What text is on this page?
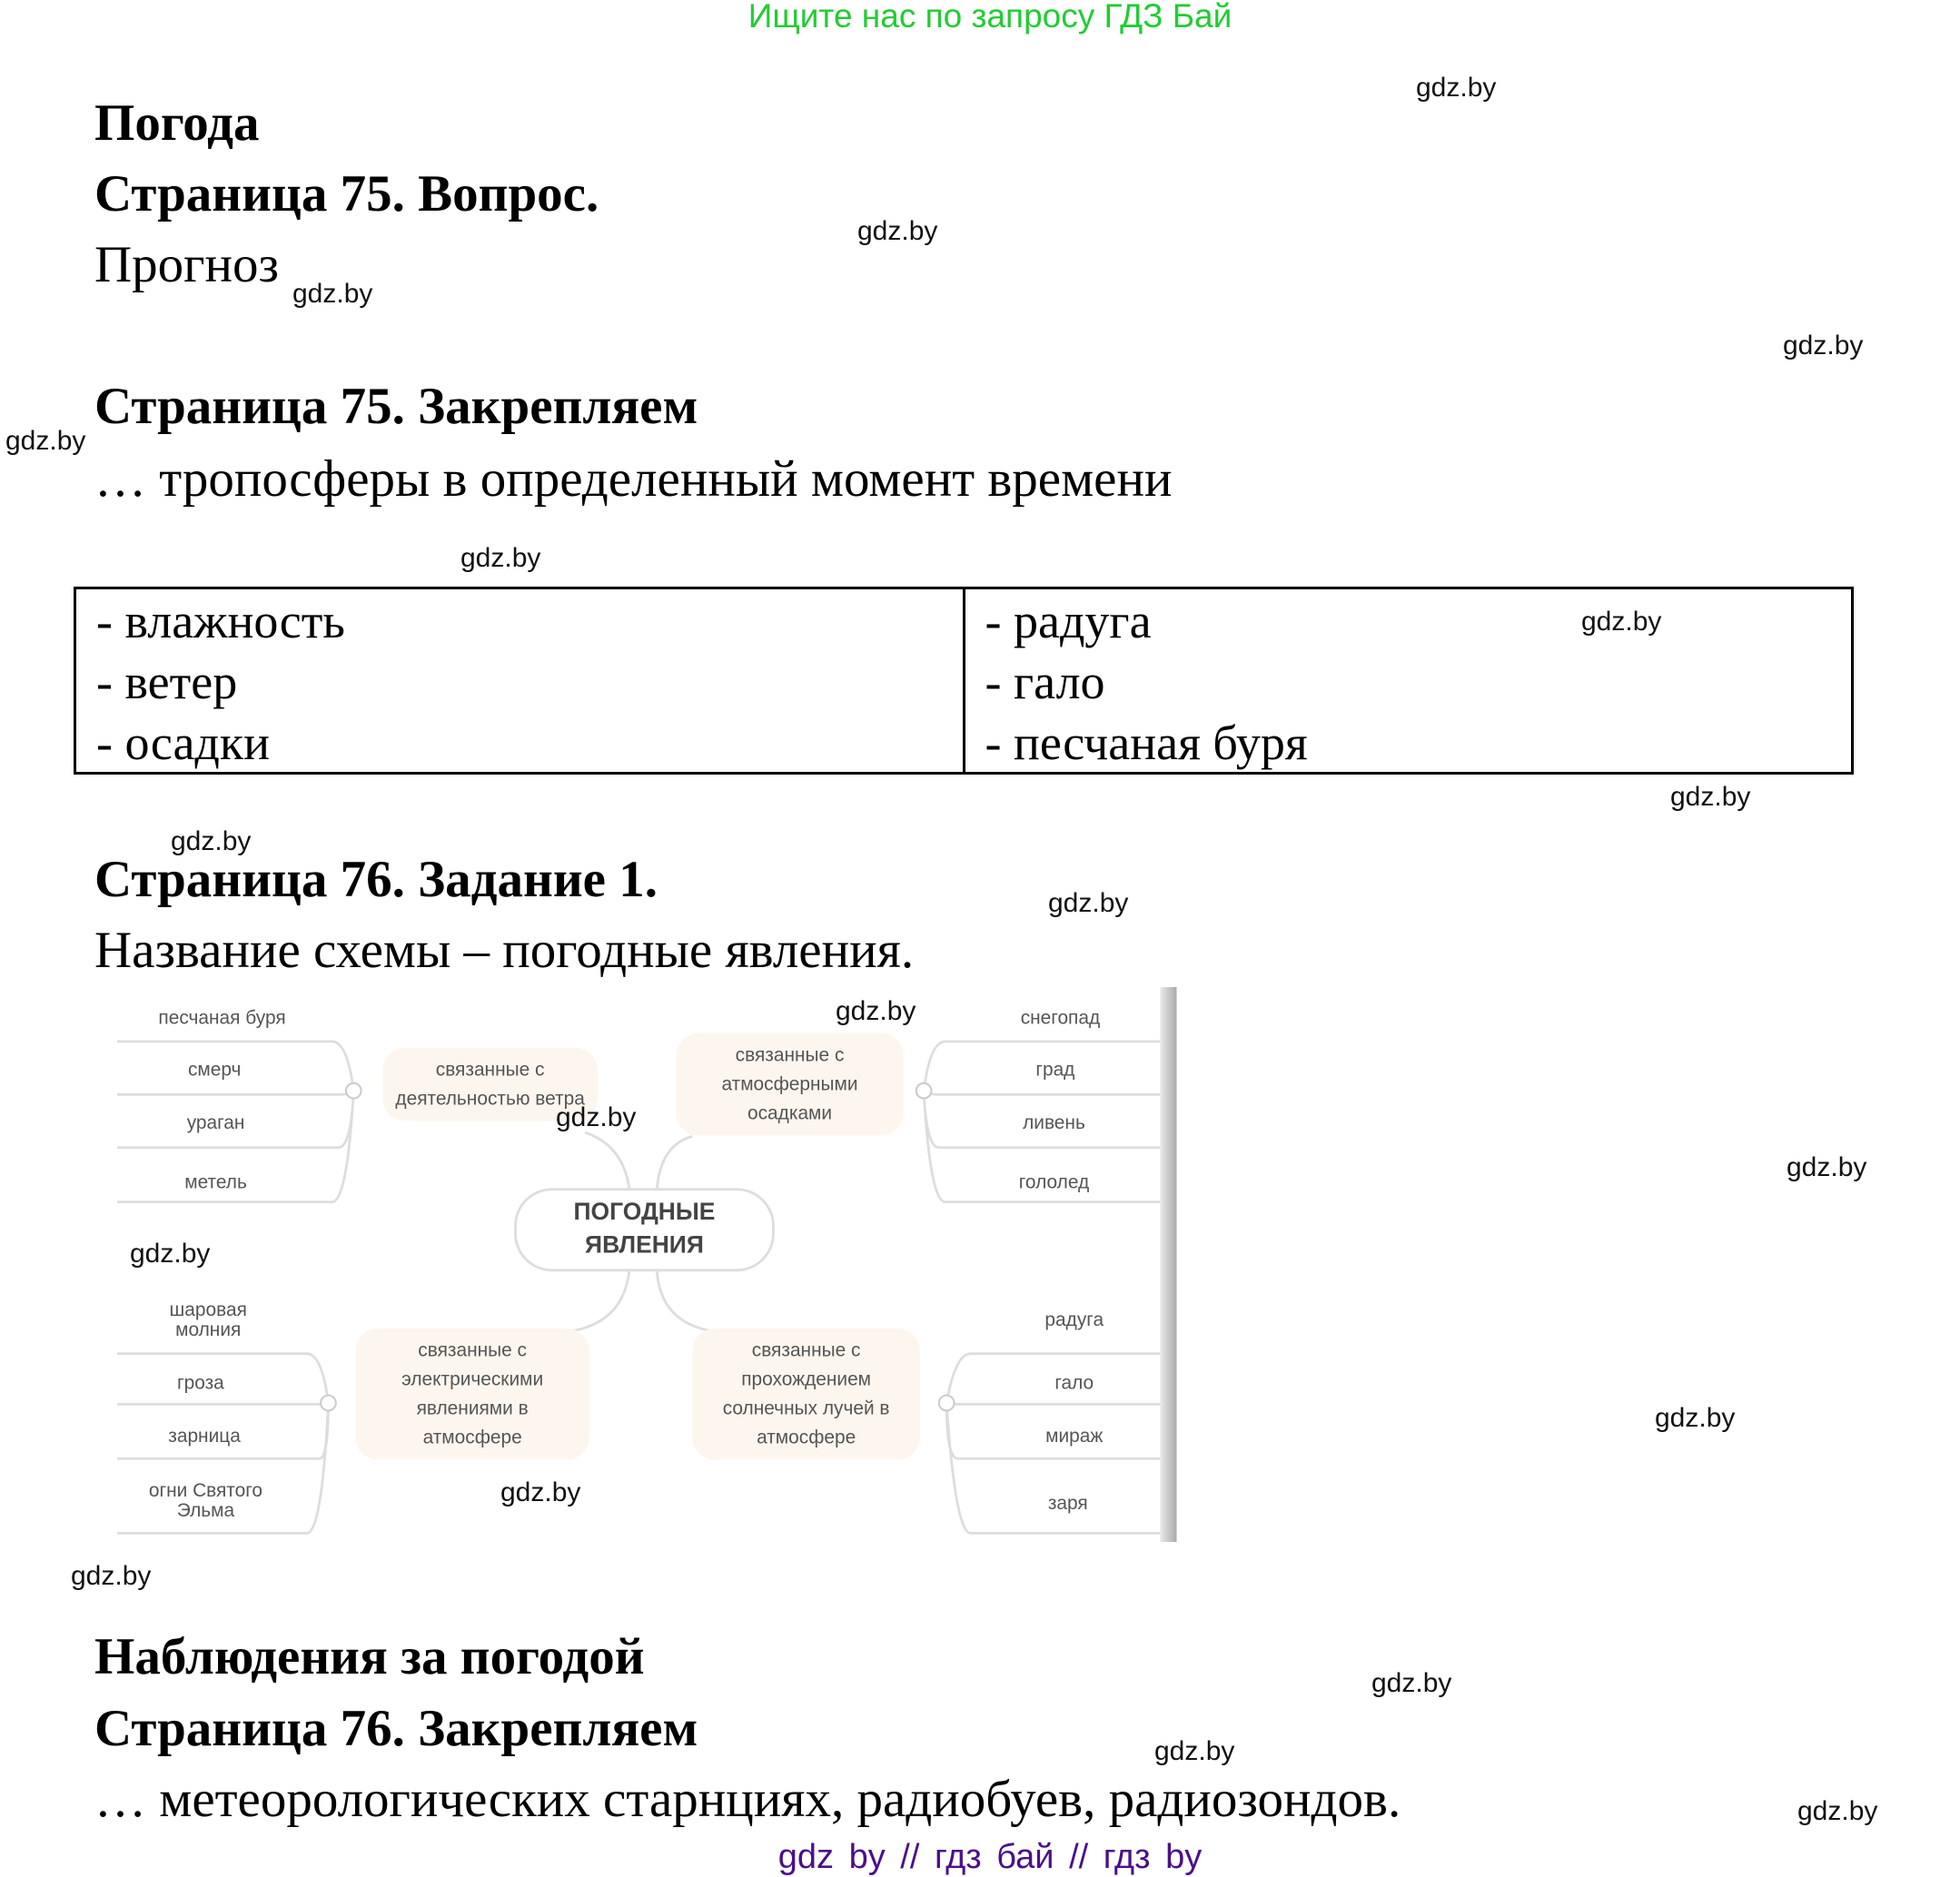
Ищите нас по запросу ГДЗ Бай
Погода
Страница 75. Вопрос.
Прогноз
Страница 75. Закрепляем
… тропосферы в определенный момент времени
- влажность
- ветер
- осадки
- радуга
- гало
- песчаная буря
Страница 76. Задание 1.
Название схемы – погодные явления.
ПОГОДНЫЕ ЯВЛЕНИЯ
связанные с деятельностью ветра
связанные с атмосферными осадками
связанные с электрическими явлениями в атмосфере
связанные с прохождением солнечных лучей в атмосфере
песчаная буря
смерч
ураган
метель
снегопад
град
ливень
гололед
шаровая молния
гроза
зарница
огни Святого Эльма
радуга
гало
мираж
заря
Наблюдения за погодой
Страница 76. Закрепляем
… метеорологических старнциях, радиобуев, радиозондов.
gdz.by
gdz.by
gdz.by
gdz.by
gdz.by
gdz.by
gdz.by
gdz.by
gdz.by
gdz.by
gdz.by
gdz.by
gdz.by
gdz.by
gdz.by
gdz.by
gdz.by
gdz.by
gdz.by
gdz.by
gdz by // гдз бай // гдз by
